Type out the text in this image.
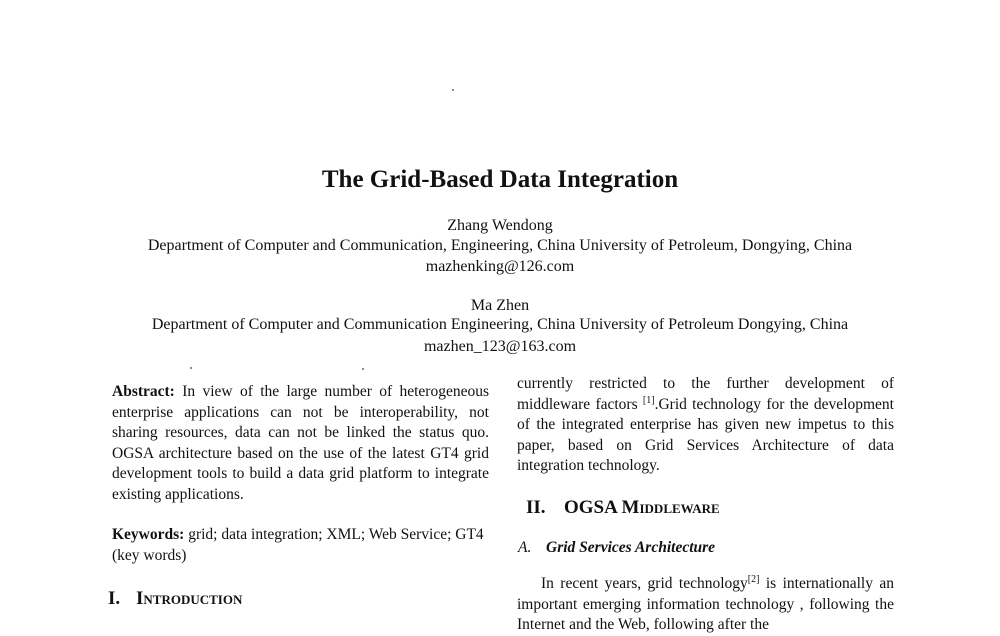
The Grid-Based Data Integration
Zhang Wendong
Department of Computer and Communication, Engineering, China University of Petroleum, Dongying, China
mazhenking@126.com
Ma Zhen
Department of Computer and Communication Engineering, China University of Petroleum Dongying, China
mazhen_123@163.com

Abstract: In view of the large number of heterogeneous enterprise applications can not be interoperability, not sharing resources, data can not be linked the status quo. OGSA architecture based on the use of the latest GT4 grid development tools to build a data grid platform to integrate existing applications.

Keywords: grid; data integration; XML; Web Service; GT4 (key words)

I. Introduction

currently restricted to the further development of middleware factors [1].Grid technology for the development of the integrated enterprise has given new impetus to this paper, based on Grid Services Architecture of data integration technology.

II. OGSA Middleware
A. Grid Services Architecture
In recent years, grid technology[2] is internationally an important emerging information technology , following the Internet and the Web, following after the
